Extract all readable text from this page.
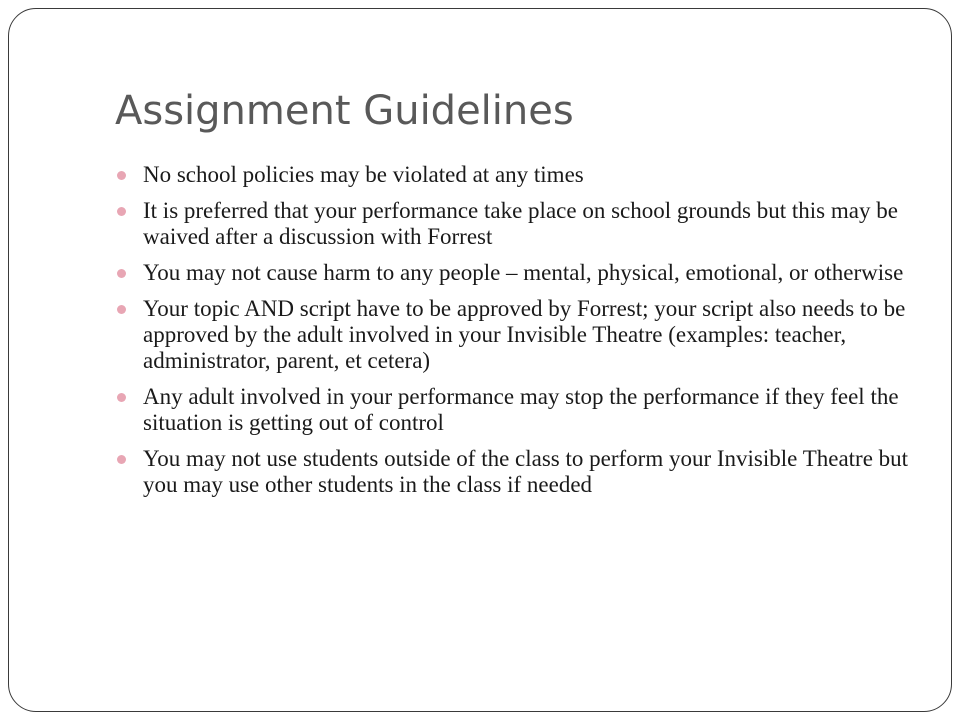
Assignment Guidelines
No school policies may be violated at any times
It is preferred that your performance take place on school grounds but this may be waived after a discussion with Forrest
You may not cause harm to any people – mental, physical, emotional, or otherwise
Your topic AND script have to be approved by Forrest; your script also needs to be approved by the adult involved in your Invisible Theatre (examples: teacher, administrator, parent, et cetera)
Any adult involved in your performance may stop the performance if they feel the situation is getting out of control
You may not use students outside of the class to perform your Invisible Theatre but you may use other students in the class if needed
